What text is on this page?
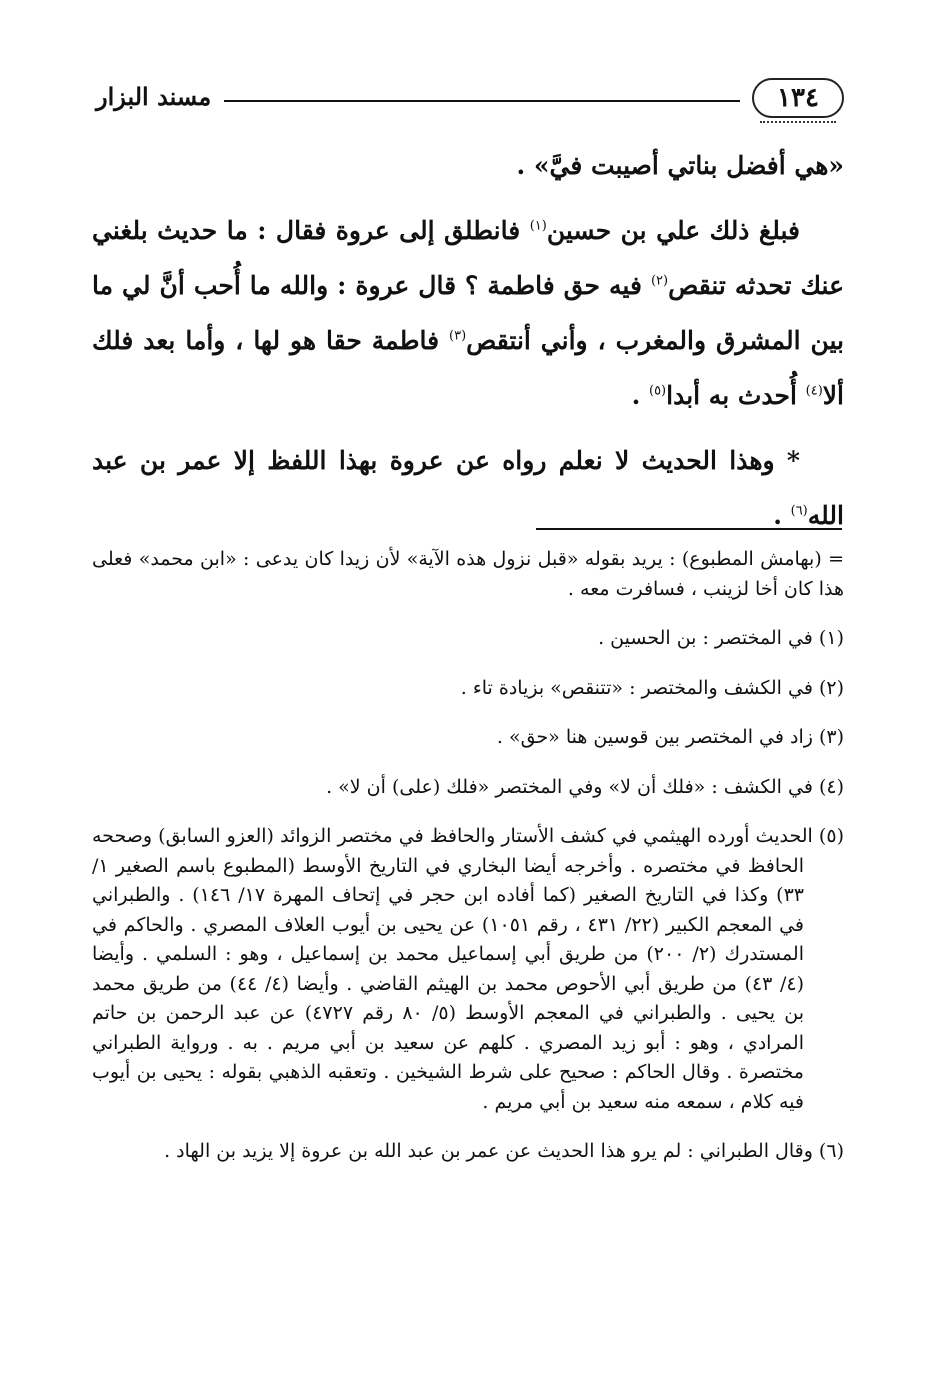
١٣٤
مسند البزار

«هي أفضل بناتي أصيبت فيَّ» .

فبلغ ذلك علي بن حسين$^{(١)}$ فانطلق إلى عروة فقال : ما حديث بلغني عنك تحدثه تنقص$^{(٢)}$ فيه حق فاطمة ؟ قال عروة : والله ما أُحب أنَّ لي ما بين المشرق والمغرب ، وأني أنتقص$^{(٣)}$ فاطمة حقا هو لها ، وأما بعد فلك ألا$^{(٤)}$ أُحدث به أبدا$^{(٥)}$ .

* وهذا الحديث لا نعلم رواه عن عروة بهذا اللفظ إلا عمر بن عبد الله$^{(٦)}$ .

= (بهامش المطبوع) : يريد بقوله «قبل نزول هذه الآية» لأن زيدا كان يدعى : «ابن محمد» فعلى هذا كان أخا لزينب ، فسافرت معه .

(١) في المختصر : بن الحسين .

(٢) في الكشف والمختصر : «تتنقص» بزيادة تاء .

(٣) زاد في المختصر بين قوسين هنا «حق» .

(٤) في الكشف : «فلك أن لا» وفي المختصر «فلك (على) أن لا» .

(٥) الحديث أورده الهيثمي في كشف الأستار والحافظ في مختصر الزوائد (العزو السابق) وصححه الحافظ في مختصره . وأخرجه أيضا البخاري في التاريخ الأوسط (المطبوع باسم الصغير ١/ ٣٣) وكذا في التاريخ الصغير (كما أفاده ابن حجر في إتحاف المهرة ١٧/ ١٤٦) . والطبراني في المعجم الكبير (٢٢/ ٤٣١ ، رقم ١٠٥١) عن يحيى بن أيوب العلاف المصري . والحاكم في المستدرك (٢/ ٢٠٠) من طريق أبي إسماعيل محمد بن إسماعيل ، وهو : السلمي . وأيضا (٤/ ٤٣) من طريق أبي الأحوص محمد بن الهيثم القاضي . وأيضا (٤/ ٤٤) من طريق محمد بن يحيى . والطبراني في المعجم الأوسط (٥/ ٨٠ رقم ٤٧٢٧) عن عبد الرحمن بن حاتم المرادي ، وهو : أبو زيد المصري . كلهم عن سعيد بن أبي مريم . به . ورواية الطبراني مختصرة . وقال الحاكم : صحيح على شرط الشيخين . وتعقبه الذهبي بقوله : يحيى بن أيوب فيه كلام ، سمعه منه سعيد بن أبي مريم .

(٦) وقال الطبراني : لم يرو هذا الحديث عن عمر بن عبد الله بن عروة إلا يزيد بن الهاد .
